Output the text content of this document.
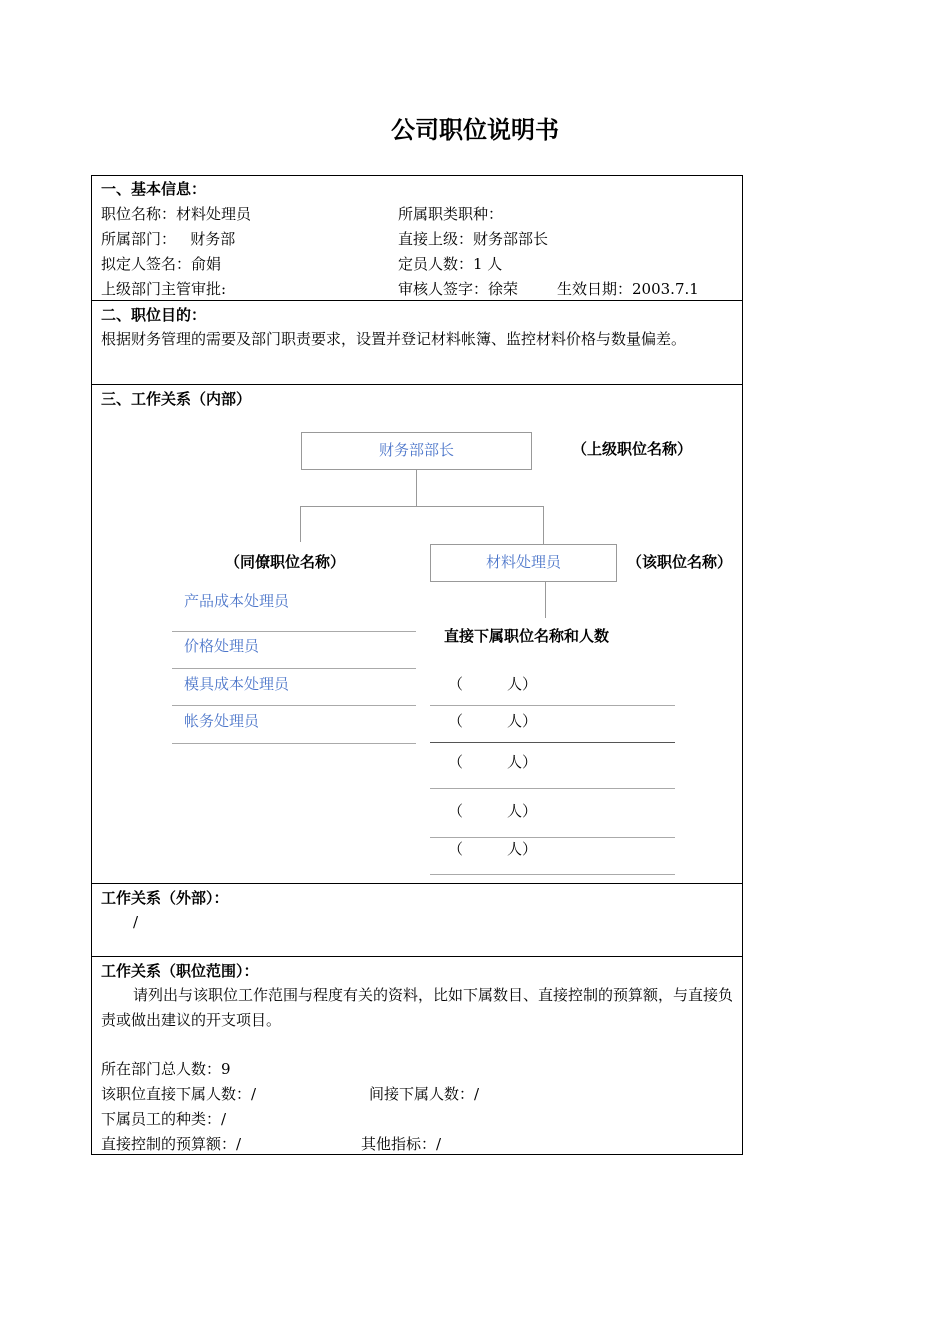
公司职位说明书
一、基本信息：
职位名称：材料处理员	所属职类职种：
所属部门：   财务部	直接上级：财务部部长
拟定人签名：俞娟	定员人数：1 人
上级部门主管审批:	审核人签字：徐荣	生效日期：2003.7.1
二、职位目的：
根据财务管理的需要及部门职责要求，设置并登记材料帐簿、监控材料价格与数量偏差。
三、工作关系（内部）
财务部部长	（上级职位名称）
（同僚职位名称）	材料处理员	（该职位名称）
产品成本处理员
价格处理员
模具成本处理员
帐务处理员
直接下属职位名称和人数
（	人）
（	人）
（	人）
（	人）
（	人）
工作关系（外部）：
/
工作关系（职位范围）：
请列出与该职位工作范围与程度有关的资料，比如下属数目、直接控制的预算额，与直接负责或做出建议的开支项目。
所在部门总人数：9
该职位直接下属人数：/	间接下属人数：/
下属员工的种类：/
直接控制的预算额：/	其他指标：/
